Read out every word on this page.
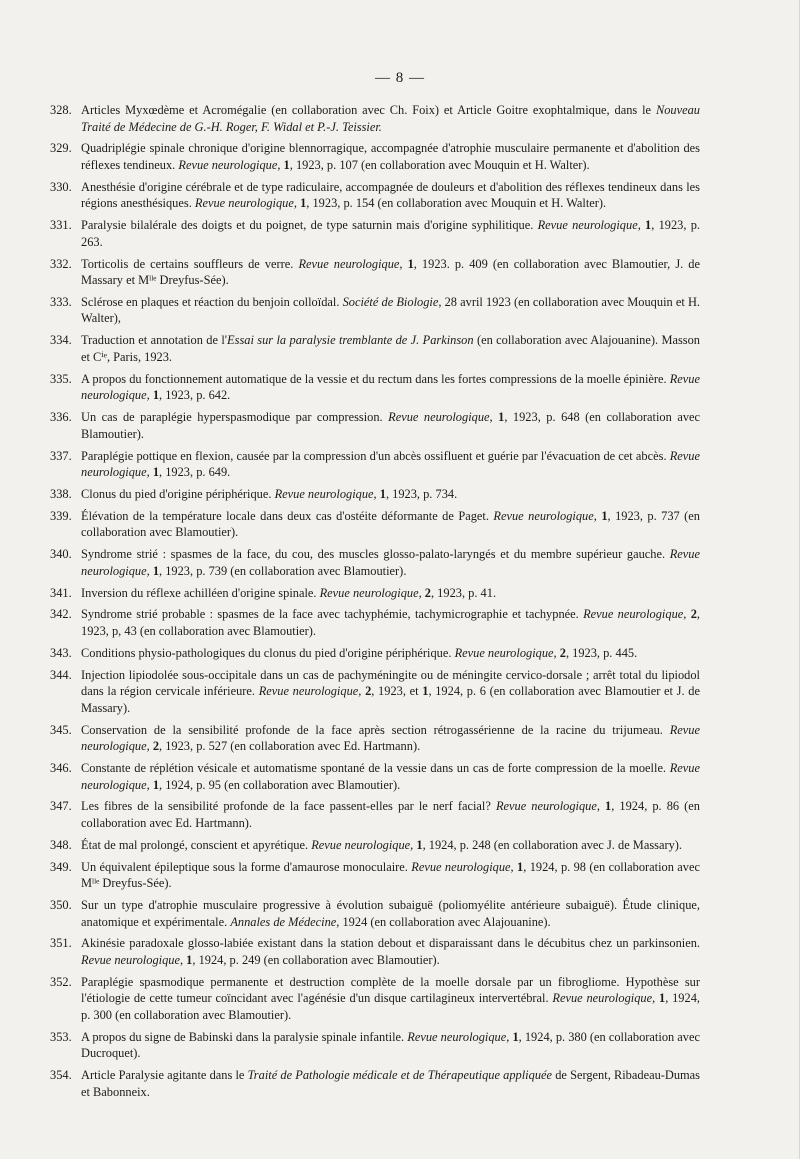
— 8 —
328. Articles Myxœdème et Acromégalie (en collaboration avec Ch. Foix) et Article Goitre exophtalmique, dans le Nouveau Traité de Médecine de G.-H. Roger, F. Widal et P.-J. Teissier.
329. Quadriplégie spinale chronique d'origine blennorragique, accompagnée d'atrophie musculaire permanente et d'abolition des réflexes tendineux. Revue neurologique, 1, 1923, p. 107 (en collaboration avec Mouquin et H. Walter).
330. Anesthésie d'origine cérébrale et de type radiculaire, accompagnée de douleurs et d'abolition des réflexes tendineux dans les régions anesthésiques. Revue neurologique, 1, 1923, p. 154 (en collaboration avec Mouquin et H. Walter).
331. Paralysie bilalérale des doigts et du poignet, de type saturnin mais d'origine syphilitique. Revue neurologique, 1, 1923, p. 263.
332. Torticolis de certains souffleurs de verre. Revue neurologique, 1, 1923. p. 409 (en collaboration avec Blamoutier, J. de Massary et Mˡˡᵉ Dreyfus-Sée).
333. Sclérose en plaques et réaction du benjoin colloïdal. Société de Biologie, 28 avril 1923 (en collaboration avec Mouquin et H. Walter),
334. Traduction et annotation de l'Essai sur la paralysie tremblante de J. Parkinson (en collaboration avec Alajouanine). Masson et Cⁱᵉ, Paris, 1923.
335. A propos du fonctionnement automatique de la vessie et du rectum dans les fortes compressions de la moelle épinière. Revue neurologique, 1, 1923, p. 642.
336. Un cas de paraplégie hyperspasmodique par compression. Revue neurologique, 1, 1923, p. 648 (en collaboration avec Blamoutier).
337. Paraplégie pottique en flexion, causée par la compression d'un abcès ossifluent et guérie par l'évacuation de cet abcès. Revue neurologique, 1, 1923, p. 649.
338. Clonus du pied d'origine périphérique. Revue neurologique, 1, 1923, p. 734.
339. Élévation de la température locale dans deux cas d'ostéite déformante de Paget. Revue neurologique, 1, 1923, p. 737 (en collaboration avec Blamoutier).
340. Syndrome strié : spasmes de la face, du cou, des muscles glosso-palato-laryngés et du membre supérieur gauche. Revue neurologique, 1, 1923, p. 739 (en collaboration avec Blamoutier).
341. Inversion du réflexe achilléen d'origine spinale. Revue neurologique, 2, 1923, p. 41.
342. Syndrome strié probable : spasmes de la face avec tachyphémie, tachymicrographie et tachypnée. Revue neurologique, 2, 1923, p, 43 (en collaboration avec Blamoutier).
343. Conditions physio-pathologiques du clonus du pied d'origine périphérique. Revue neurologique, 2, 1923, p. 445.
344. Injection lipiodolée sous-occipitale dans un cas de pachyméningite ou de méningite cervico-dorsale ; arrêt total du lipiodol dans la région cervicale inférieure. Revue neurologique, 2, 1923, et 1, 1924, p. 6 (en collaboration avec Blamoutier et J. de Massary).
345. Conservation de la sensibilité profonde de la face après section rétrogassérienne de la racine du trijumeau. Revue neurologique, 2, 1923, p. 527 (en collaboration avec Ed. Hartmann).
346. Constante de réplétion vésicale et automatisme spontané de la vessie dans un cas de forte compression de la moelle. Revue neurologique, 1, 1924, p. 95 (en collaboration avec Blamoutier).
347. Les fibres de la sensibilité profonde de la face passent-elles par le nerf facial? Revue neurologique, 1, 1924, p. 86 (en collaboration avec Ed. Hartmann).
348. État de mal prolongé, conscient et apyrétique. Revue neurologique, 1, 1924, p. 248 (en collaboration avec J. de Massary).
349. Un équivalent épileptique sous la forme d'amaurose monoculaire. Revue neurologique, 1, 1924, p. 98 (en collaboration avec Mˡˡᵉ Dreyfus-Sée).
350. Sur un type d'atrophie musculaire progressive à évolution subaiguë (poliomyélite antérieure subaiguë). Étude clinique, anatomique et expérimentale. Annales de Médecine, 1924 (en collaboration avec Alajouanine).
351. Akinésie paradoxale glosso-labiée existant dans la station debout et disparaissant dans le décubitus chez un parkinsonien. Revue neurologique, 1, 1924, p. 249 (en collaboration avec Blamoutier).
352. Paraplégie spasmodique permanente et destruction complète de la moelle dorsale par un fibrogliome. Hypothèse sur l'étiologie de cette tumeur coïncidant avec l'agénésie d'un disque cartilagineux intervertébral. Revue neurologique, 1, 1924, p. 300 (en collaboration avec Blamoutier).
353. A propos du signe de Babinski dans la paralysie spinale infantile. Revue neurologique, 1, 1924, p. 380 (en collaboration avec Ducroquet).
354. Article Paralysie agitante dans le Traité de Pathologie médicale et de Thérapeutique appliquée de Sergent, Ribadeau-Dumas et Babonneix.
